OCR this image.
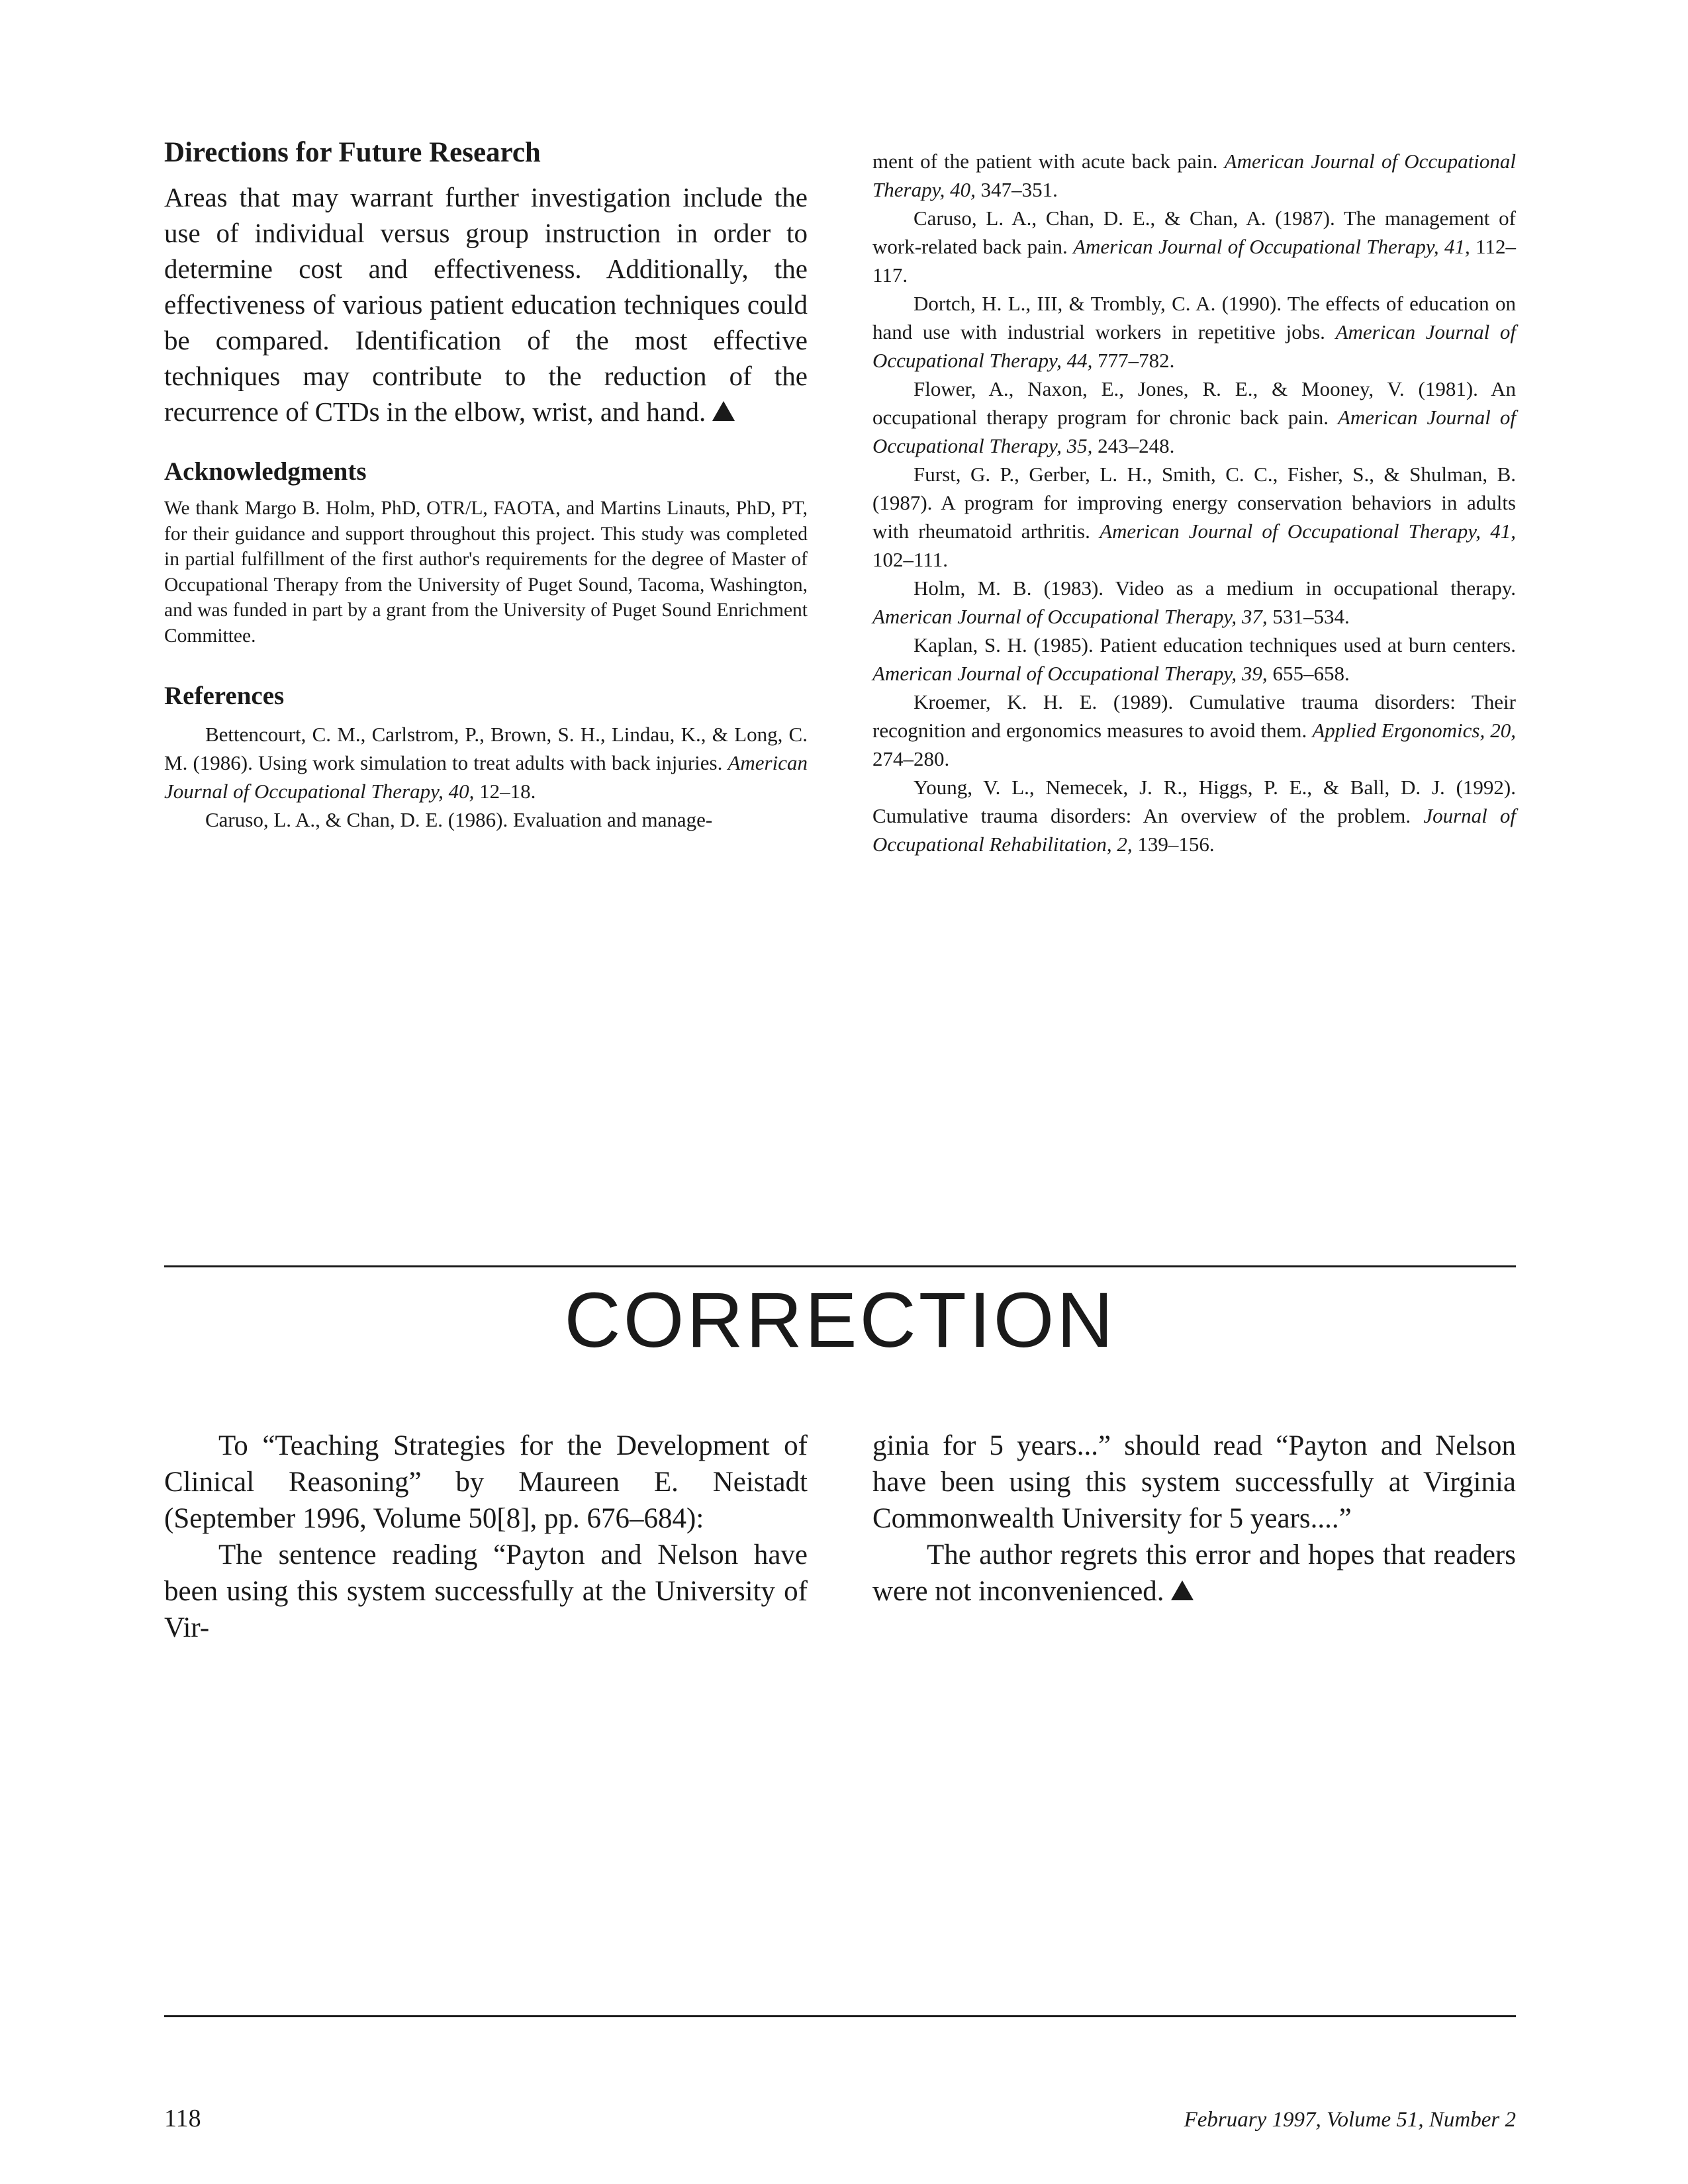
Directions for Future Research

Areas that may warrant further investigation include the use of individual versus group instruction in order to determine cost and effectiveness. Additionally, the effectiveness of various patient education techniques could be compared. Identification of the most effective techniques may contribute to the reduction of the recurrence of CTDs in the elbow, wrist, and hand.

Acknowledgments

We thank Margo B. Holm, PhD, OTR/L, FAOTA, and Martins Linauts, PhD, PT, for their guidance and support throughout this project. This study was completed in partial fulfillment of the first author's requirements for the degree of Master of Occupational Therapy from the University of Puget Sound, Tacoma, Washington, and was funded in part by a grant from the University of Puget Sound Enrichment Committee.

References

Bettencourt, C. M., Carlstrom, P., Brown, S. H., Lindau, K., & Long, C. M. (1986). Using work simulation to treat adults with back injuries. American Journal of Occupational Therapy, 40, 12–18.

Caruso, L. A., & Chan, D. E. (1986). Evaluation and manage-

ment of the patient with acute back pain. American Journal of Occupational Therapy, 40, 347–351.

Caruso, L. A., Chan, D. E., & Chan, A. (1987). The management of work-related back pain. American Journal of Occupational Therapy, 41, 112–117.

Dortch, H. L., III, & Trombly, C. A. (1990). The effects of education on hand use with industrial workers in repetitive jobs. American Journal of Occupational Therapy, 44, 777–782.

Flower, A., Naxon, E., Jones, R. E., & Mooney, V. (1981). An occupational therapy program for chronic back pain. American Journal of Occupational Therapy, 35, 243–248.

Furst, G. P., Gerber, L. H., Smith, C. C., Fisher, S., & Shulman, B. (1987). A program for improving energy conservation behaviors in adults with rheumatoid arthritis. American Journal of Occupational Therapy, 41, 102–111.

Holm, M. B. (1983). Video as a medium in occupational therapy. American Journal of Occupational Therapy, 37, 531–534.

Kaplan, S. H. (1985). Patient education techniques used at burn centers. American Journal of Occupational Therapy, 39, 655–658.

Kroemer, K. H. E. (1989). Cumulative trauma disorders: Their recognition and ergonomics measures to avoid them. Applied Ergonomics, 20, 274–280.

Young, V. L., Nemecek, J. R., Higgs, P. E., & Ball, D. J. (1992). Cumulative trauma disorders: An overview of the problem. Journal of Occupational Rehabilitation, 2, 139–156.

CORRECTION

To “Teaching Strategies for the Development of Clinical Reasoning” by Maureen E. Neistadt (September 1996, Volume 50[8], pp. 676–684):

The sentence reading “Payton and Nelson have been using this system successfully at the University of Vir-

ginia for 5 years...” should read “Payton and Nelson have been using this system successfully at Virginia Commonwealth University for 5 years....”

The author regrets this error and hopes that readers were not inconvenienced.

118	February 1997, Volume 51, Number 2
